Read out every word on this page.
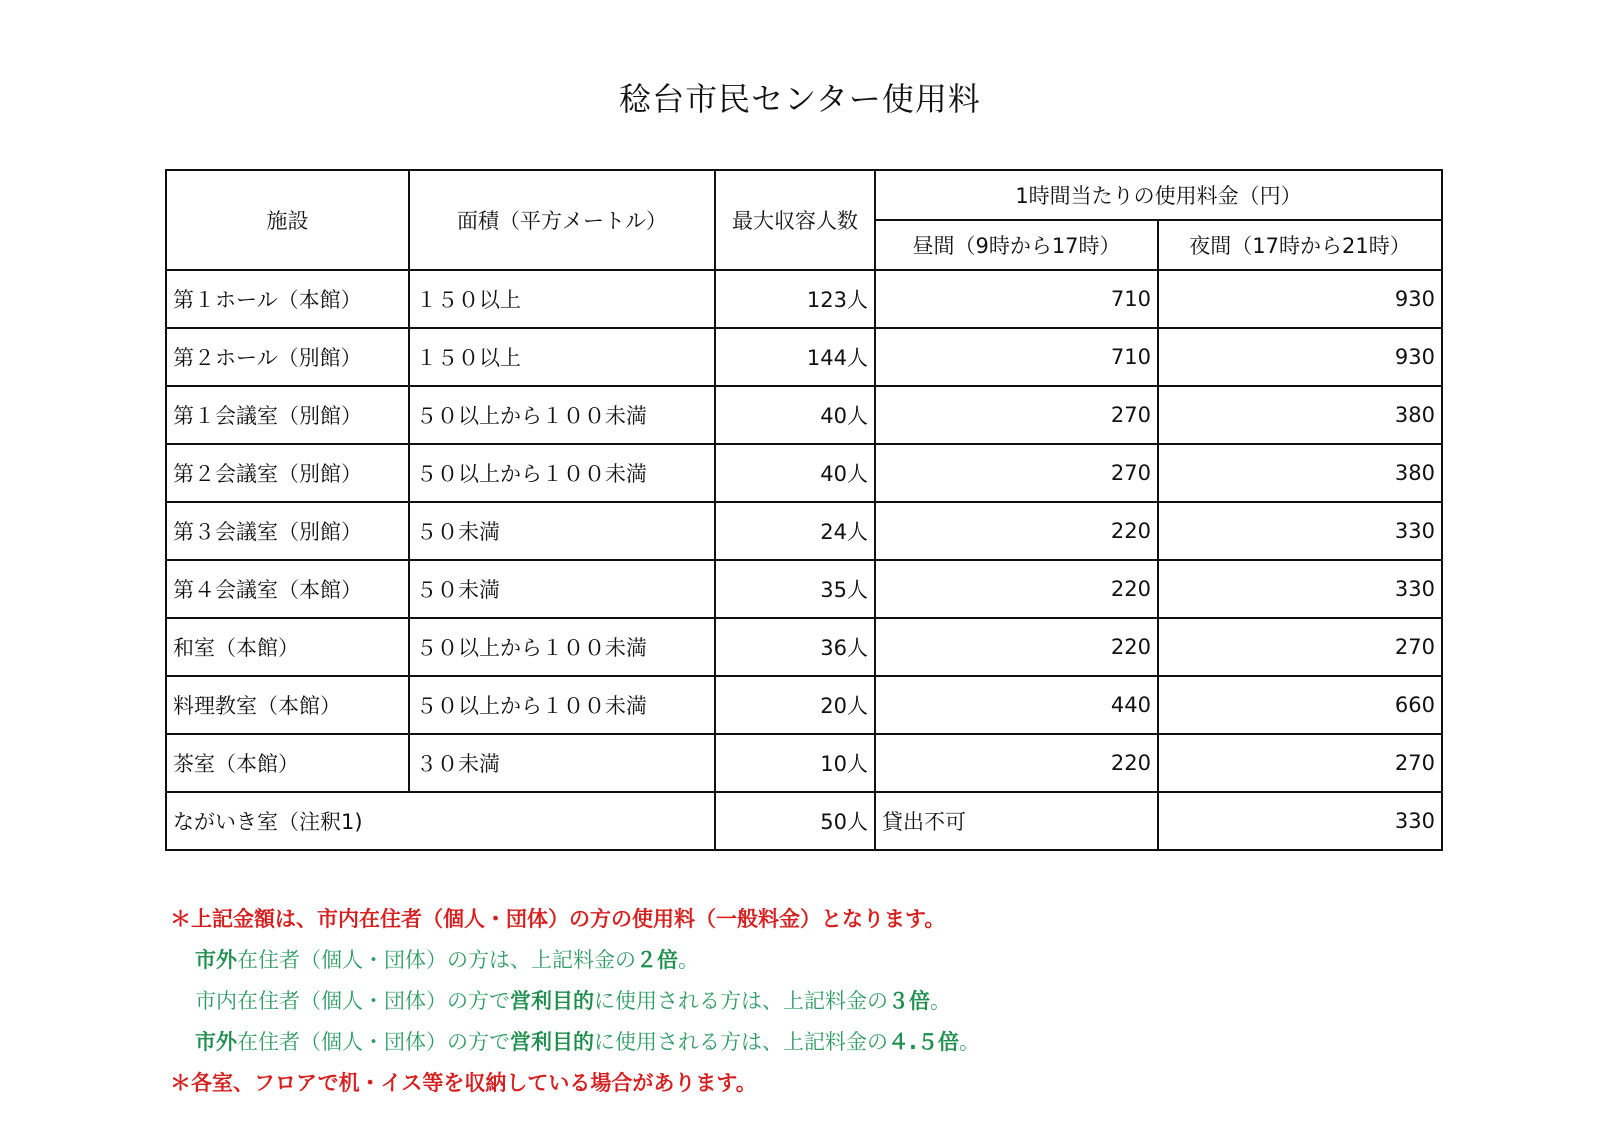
稔台市民センター使用料
施設	面積（平方メートル）	最大収容人数	1時間当たりの使用料金（円）	
			昼間（9時から17時）	夜間（17時から21時）
第１ホール（本館）	１５０以上	123人	710	930
第２ホール（別館）	１５０以上	144人	710	930
第１会議室（別館）	５０以上から１００未満	40人	270	380
第２会議室（別館）	５０以上から１００未満	40人	270	380
第３会議室（別館）	５０未満	24人	220	330
第４会議室（本館）	５０未満	35人	220	330
和室（本館）	５０以上から１００未満	36人	220	270
料理教室（本館）	５０以上から１００未満	20人	440	660
茶室（本館）	３０未満	10人	220	270
ながいき室（注釈1)		50人	貸出不可	330
＊上記金額は、市内在住者（個人・団体）の方の使用料（一般料金）となります。
市外在住者（個人・団体）の方は、上記料金の２倍。
市内在住者（個人・団体）の方で営利目的に使用される方は、上記料金の３倍。
市外在住者（個人・団体）の方で営利目的に使用される方は、上記料金の４.５倍。
＊各室、フロアで机・イス等を収納している場合があります。
